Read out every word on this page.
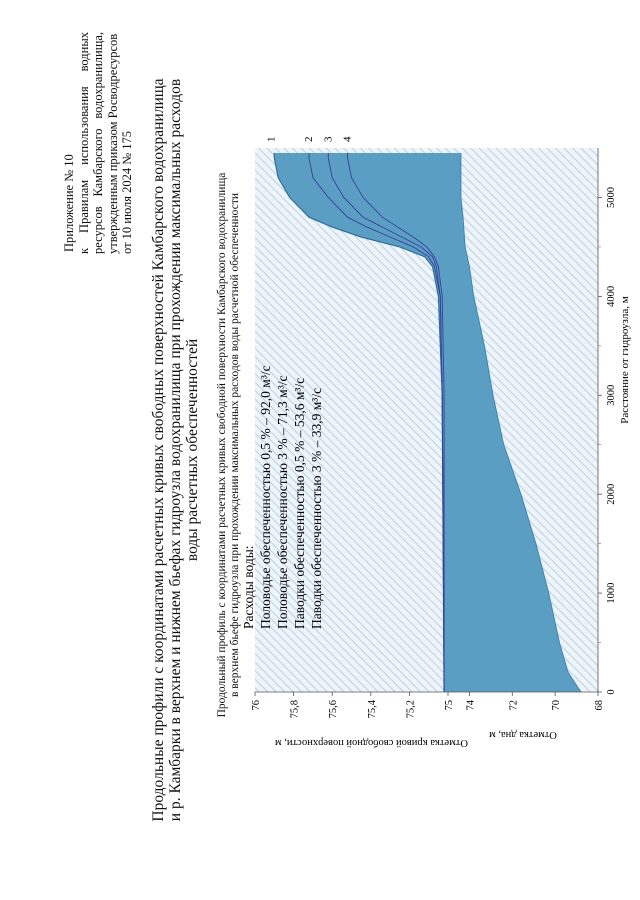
Приложение № 10 к Правилам использования водных ресурсов Камбарского водохранилища, утвержденным приказом Росводресурсов от 10 июля 2024 № 175 Продольные профили с координатами расчетных кривых свободных поверхностей Камбарского водохранилища и р. Камбарки в верхнем и нижнем бьефах гидроузла водохранилища при прохождении максимальных расходов воды расчетных обеспеченностей Продольный профиль с координатами расчетных кривых свободной поверхности Камбарского водохранилища в верхнем бьефе гидроузла при прохождении максимальных расходов воды расчетной обеспеченности
1 2 3 4
75
75,2
75,4
75,6
75,8
76	68
70
72
74
0
1000
2000
3000
4000
5000
Расстояние от гидроузла, м
Отметка кривой свободной поверхности, м
Отметка дна, м
Расходы воды: Половодье обеспеченностью 0,5 % – 92,0 м³/с Половодье обеспеченностью 3 % – 71,3 м³/с Паводки обеспеченностью 0,5 % – 53,6 м³/с Паводки обеспеченностью 3 % – 33,9 м³/с
